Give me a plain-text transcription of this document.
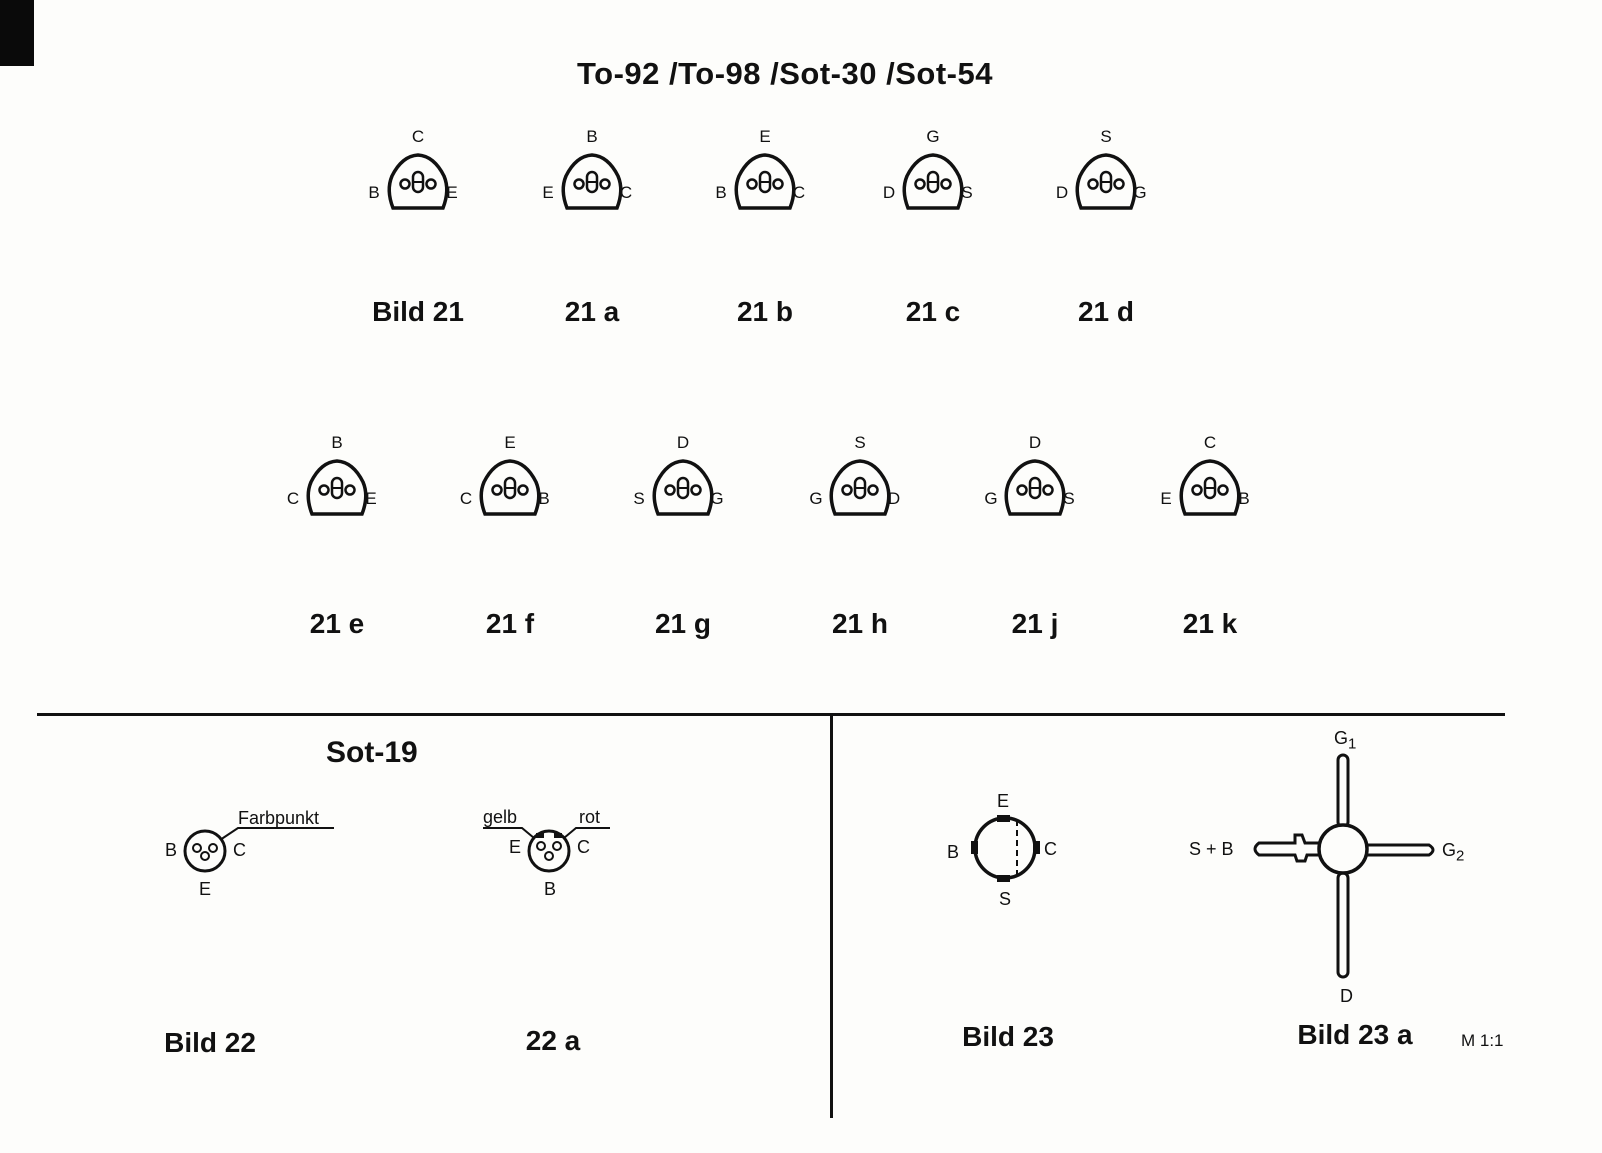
To-92 /To-98 /Sot-30 /Sot-54
C
B	E
Bild 21
B
E	C
21 a
E
B	C
21 b
G
D	S
21 c
S
D	G
21 d
B
C	E
21 e
E
C	B
21 f
D
S	G
21 g
S
G	D
21 h
D
G	S
21 j
C
E	B
21 k
Sot-19
B	C
E
Farbpunkt
Bild 22
gelb	rot
E	C
B
22 a
E
B	C
S
Bild 23
$G_1$
S + B	$G_2$
D
Bild 23 a	M 1:1
